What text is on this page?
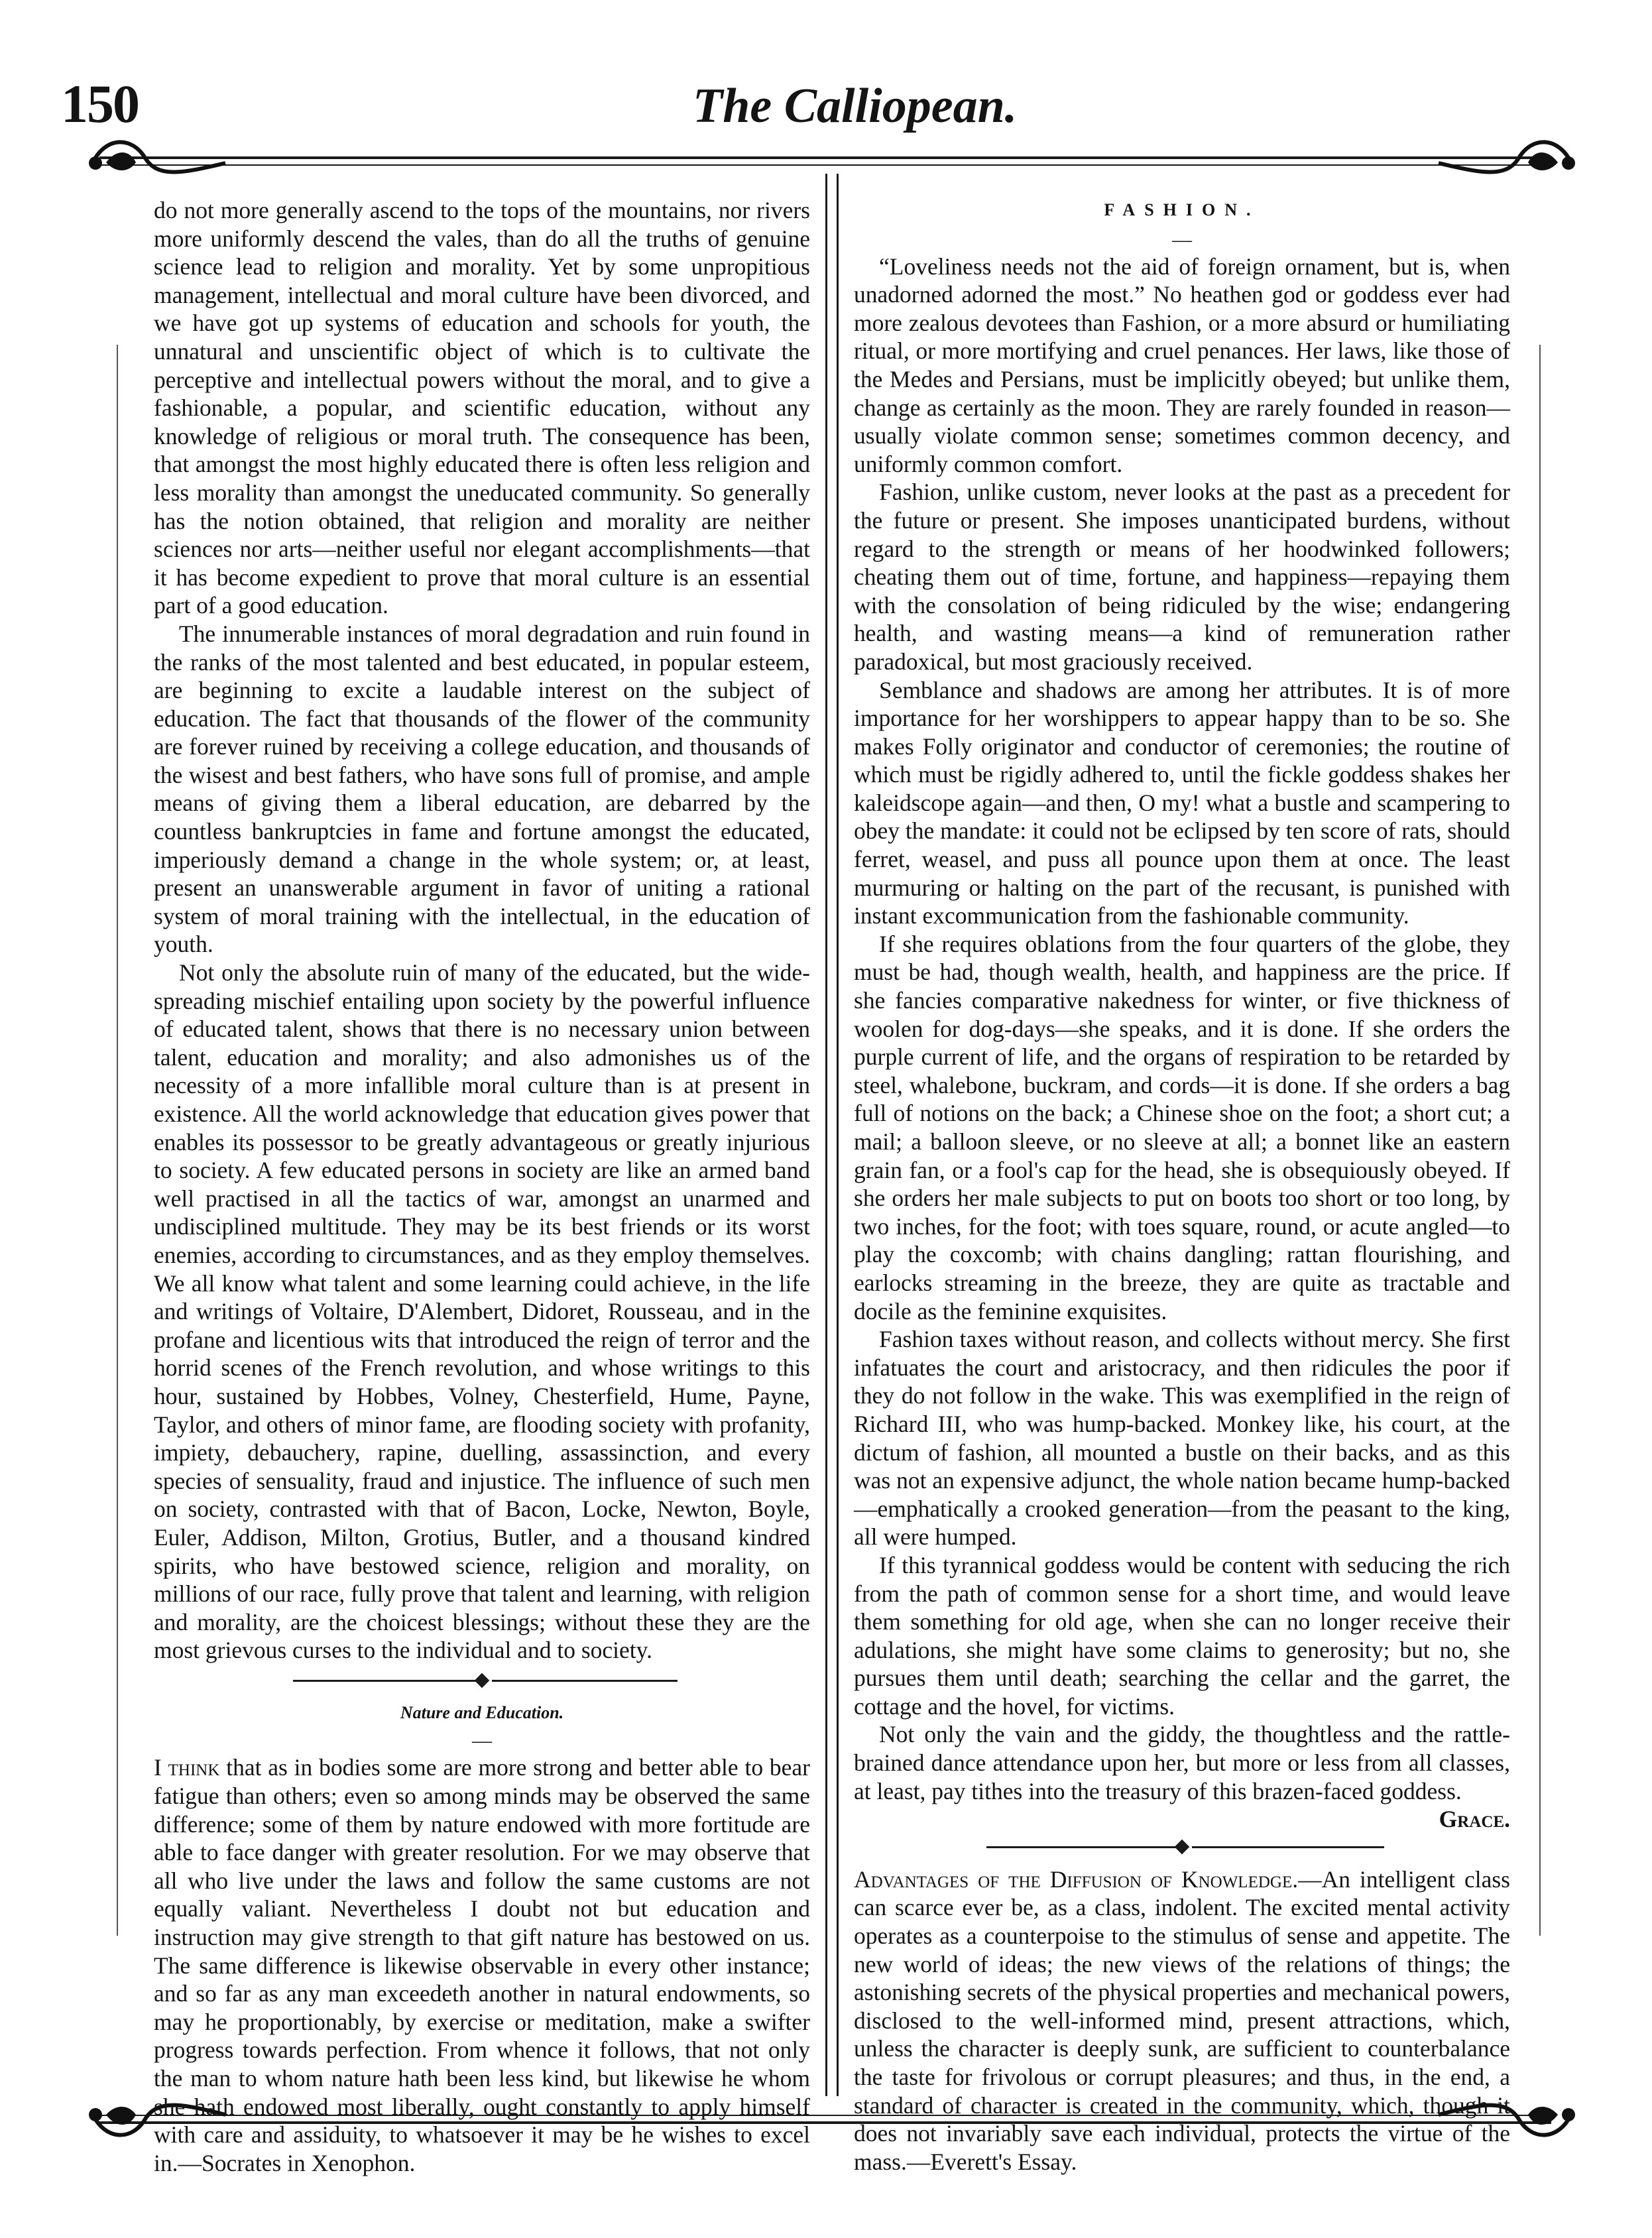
150	The Calliopean.

do not more generally ascend to the tops of the mountains, nor rivers more uniformly descend the vales, than do all the truths of genuine science lead to religion and morality. Yet by some unpropitious management, intellectual and moral culture have been divorced, and we have got up systems of education and schools for youth, the unnatural and unscientific object of which is to cultivate the perceptive and intellectual powers without the moral, and to give a fashionable, a popular, and scientific education, without any knowledge of religious or moral truth. The consequence has been, that amongst the most highly educated there is often less religion and less morality than amongst the uneducated community. So generally has the notion obtained, that religion and morality are neither sciences nor arts—neither useful nor elegant accomplishments—that it has become expedient to prove that moral culture is an essential part of a good education.

The innumerable instances of moral degradation and ruin found in the ranks of the most talented and best educated, in popular esteem, are beginning to excite a laudable interest on the subject of education. The fact that thousands of the flower of the community are forever ruined by receiving a college education, and thousands of the wisest and best fathers, who have sons full of promise, and ample means of giving them a liberal education, are debarred by the countless bankruptcies in fame and fortune amongst the educated, imperiously demand a change in the whole system; or, at least, present an unanswerable argument in favor of uniting a rational system of moral training with the intellectual, in the education of youth.

Not only the absolute ruin of many of the educated, but the wide-spreading mischief entailing upon society by the powerful influence of educated talent, shows that there is no necessary union between talent, education and morality; and also admonishes us of the necessity of a more infallible moral culture than is at present in existence. All the world acknowledge that education gives power that enables its possessor to be greatly advantageous or greatly injurious to society. A few educated persons in society are like an armed band well practised in all the tactics of war, amongst an unarmed and undisciplined multitude. They may be its best friends or its worst enemies, according to circumstances, and as they employ themselves. We all know what talent and some learning could achieve, in the life and writings of Voltaire, D'Alembert, Didoret, Rousseau, and in the profane and licentious wits that introduced the reign of terror and the horrid scenes of the French revolution, and whose writings to this hour, sustained by Hobbes, Volney, Chesterfield, Hume, Payne, Taylor, and others of minor fame, are flooding society with profanity, impiety, debauchery, rapine, duelling, assassinction, and every species of sensuality, fraud and injustice. The influence of such men on society, contrasted with that of Bacon, Locke, Newton, Boyle, Euler, Addison, Milton, Grotius, Butler, and a thousand kindred spirits, who have bestowed science, religion and morality, on millions of our race, fully prove that talent and learning, with religion and morality, are the choicest blessings; without these they are the most grievous curses to the individual and to society.

Nature and Education.
—

I think that as in bodies some are more strong and better able to bear fatigue than others; even so among minds may be observed the same difference; some of them by nature endowed with more fortitude are able to face danger with greater resolution. For we may observe that all who live under the laws and follow the same customs are not equally valiant. Nevertheless I doubt not but education and instruction may give strength to that gift nature has bestowed on us. The same difference is likewise observable in every other instance; and so far as any man exceedeth another in natural endowments, so may he proportionably, by exercise or meditation, make a swifter progress towards perfection. From whence it follows, that not only the man to whom nature hath been less kind, but likewise he whom she hath endowed most liberally, ought constantly to apply himself with care and assiduity, to whatsoever it may be he wishes to excel in.—Socrates in Xenophon.

FASHION.
—

“Loveliness needs not the aid of foreign ornament, but is, when unadorned adorned the most.” No heathen god or goddess ever had more zealous devotees than Fashion, or a more absurd or humiliating ritual, or more mortifying and cruel penances. Her laws, like those of the Medes and Persians, must be implicitly obeyed; but unlike them, change as certainly as the moon. They are rarely founded in reason—usually violate common sense; sometimes common decency, and uniformly common comfort.

Fashion, unlike custom, never looks at the past as a precedent for the future or present. She imposes unanticipated burdens, without regard to the strength or means of her hoodwinked followers; cheating them out of time, fortune, and happiness—repaying them with the consolation of being ridiculed by the wise; endangering health, and wasting means—a kind of remuneration rather paradoxical, but most graciously received.

Semblance and shadows are among her attributes. It is of more importance for her worshippers to appear happy than to be so. She makes Folly originator and conductor of ceremonies; the routine of which must be rigidly adhered to, until the fickle goddess shakes her kaleidscope again—and then, O my! what a bustle and scampering to obey the mandate: it could not be eclipsed by ten score of rats, should ferret, weasel, and puss all pounce upon them at once. The least murmuring or halting on the part of the recusant, is punished with instant excommunication from the fashionable community.

If she requires oblations from the four quarters of the globe, they must be had, though wealth, health, and happiness are the price. If she fancies comparative nakedness for winter, or five thickness of woolen for dog-days—she speaks, and it is done. If she orders the purple current of life, and the organs of respiration to be retarded by steel, whalebone, buckram, and cords—it is done. If she orders a bag full of notions on the back; a Chinese shoe on the foot; a short cut; a mail; a balloon sleeve, or no sleeve at all; a bonnet like an eastern grain fan, or a fool's cap for the head, she is obsequiously obeyed. If she orders her male subjects to put on boots too short or too long, by two inches, for the foot; with toes square, round, or acute angled—to play the coxcomb; with chains dangling; rattan flourishing, and earlocks streaming in the breeze, they are quite as tractable and docile as the feminine exquisites.

Fashion taxes without reason, and collects without mercy. She first infatuates the court and aristocracy, and then ridicules the poor if they do not follow in the wake. This was exemplified in the reign of Richard III, who was hump-backed. Monkey like, his court, at the dictum of fashion, all mounted a bustle on their backs, and as this was not an expensive adjunct, the whole nation became hump-backed—emphatically a crooked generation—from the peasant to the king, all were humped.

If this tyrannical goddess would be content with seducing the rich from the path of common sense for a short time, and would leave them something for old age, when she can no longer receive their adulations, she might have some claims to generosity; but no, she pursues them until death; searching the cellar and the garret, the cottage and the hovel, for victims.

Not only the vain and the giddy, the thoughtless and the rattle-brained dance attendance upon her, but more or less from all classes, at least, pay tithes into the treasury of this brazen-faced goddess.
Grace.

Advantages of the Diffusion of Knowledge.—An intelligent class can scarce ever be, as a class, indolent. The excited mental activity operates as a counterpoise to the stimulus of sense and appetite. The new world of ideas; the new views of the relations of things; the astonishing secrets of the physical properties and mechanical powers, disclosed to the well-informed mind, present attractions, which, unless the character is deeply sunk, are sufficient to counterbalance the taste for frivolous or corrupt pleasures; and thus, in the end, a standard of character is created in the community, which, though it does not invariably save each individual, protects the virtue of the mass.—Everett's Essay.
